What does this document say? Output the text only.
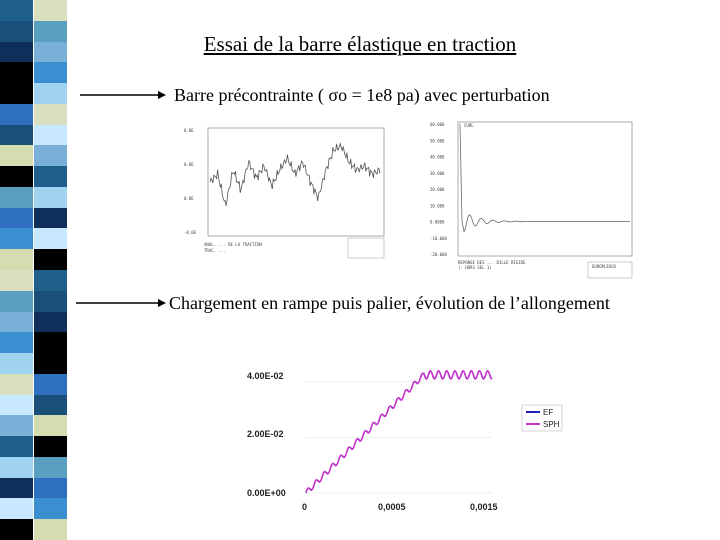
Essai de la barre élastique en traction
Barre précontrainte ( σo = 1e8 pa) avec perturbation
0.0E
0.0E
0.0E
-0.0E
ANAL. ... DE LA TRACTION
TRAC. ...
60.000
50.000
40.000
30.000
20.000
10.000
0.0000
-10.000
-20.000
CURL
REPONSE DES ... BILLE RIGIDE
(- HORS SEL 1)	EUROPLEXUS
Chargement en rampe puis palier, évolution de l’allongement
4.00E-02
2.00E-02
0.00E+00
0	0,0005	0,0015
EF
SPH
